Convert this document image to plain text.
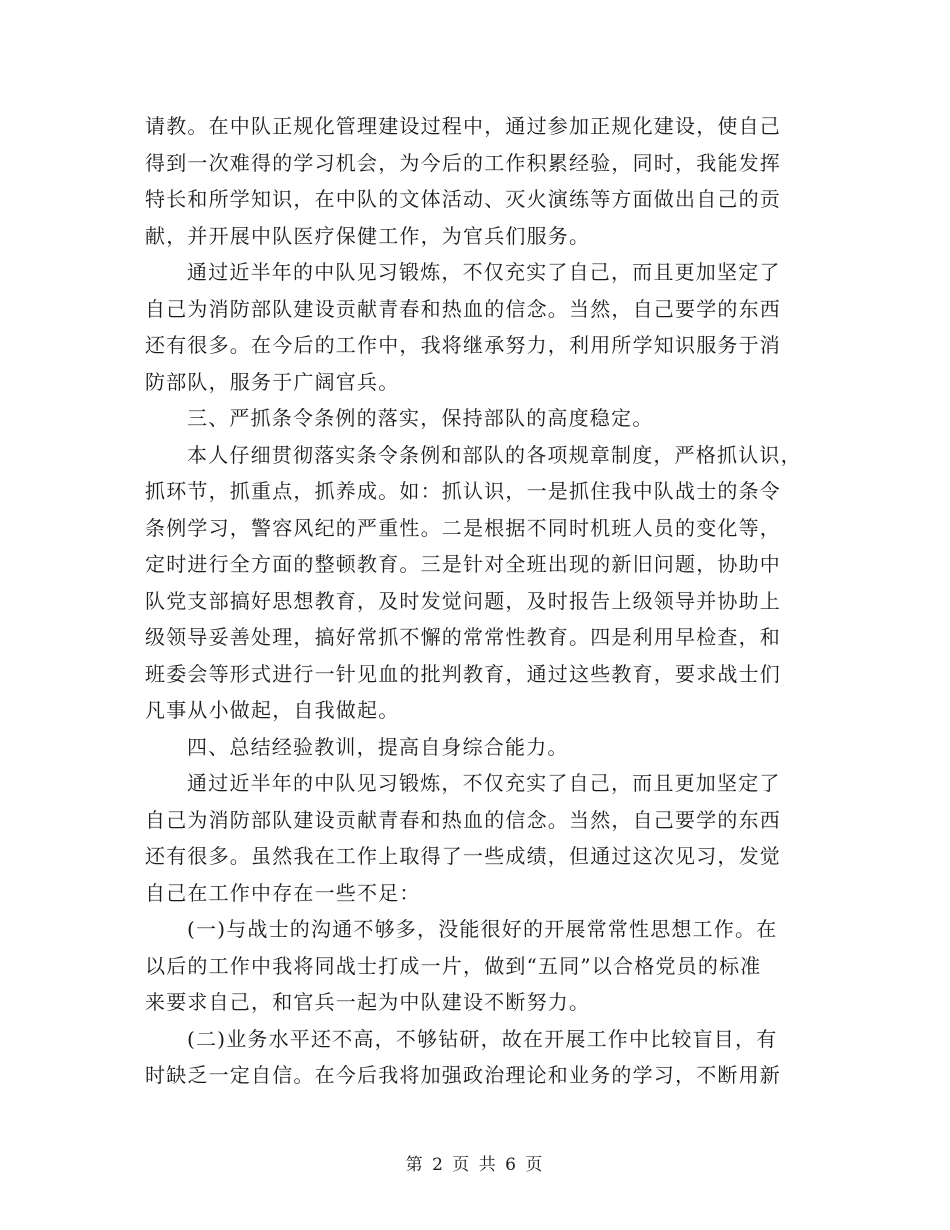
请教。在中队正规化管理建设过程中，通过参加正规化建设，使自己
得到一次难得的学习机会，为今后的工作积累经验，同时，我能发挥
特长和所学知识，在中队的文体活动、灭火演练等方面做出自己的贡
献，并开展中队医疗保健工作，为官兵们服务。
通过近半年的中队见习锻炼，不仅充实了自己，而且更加坚定了
自己为消防部队建设贡献青春和热血的信念。当然，自己要学的东西
还有很多。在今后的工作中，我将继承努力，利用所学知识服务于消
防部队，服务于广阔官兵。
三、严抓条令条例的落实，保持部队的高度稳定。
本人仔细贯彻落实条令条例和部队的各项规章制度，严格抓认识，
抓环节，抓重点，抓养成。如：抓认识，一是抓住我中队战士的条令
条例学习，警容风纪的严重性。二是根据不同时机班人员的变化等，
定时进行全方面的整顿教育。三是针对全班出现的新旧问题，协助中
队党支部搞好思想教育，及时发觉问题，及时报告上级领导并协助上
级领导妥善处理，搞好常抓不懈的常常性教育。四是利用早检查，和
班委会等形式进行一针见血的批判教育，通过这些教育，要求战士们
凡事从小做起，自我做起。
四、总结经验教训，提高自身综合能力。
通过近半年的中队见习锻炼，不仅充实了自己，而且更加坚定了
自己为消防部队建设贡献青春和热血的信念。当然，自己要学的东西
还有很多。虽然我在工作上取得了一些成绩，但通过这次见习，发觉
自己在工作中存在一些不足：
(一)与战士的沟通不够多，没能很好的开展常常性思想工作。在
以后的工作中我将同战士打成一片，做到“五同”以合格党员的标准
来要求自己，和官兵一起为中队建设不断努力。
(二)业务水平还不高，不够钻研，故在开展工作中比较盲目，有
时缺乏一定自信。在今后我将加强政治理论和业务的学习，不断用新
第 2 页 共 6 页
